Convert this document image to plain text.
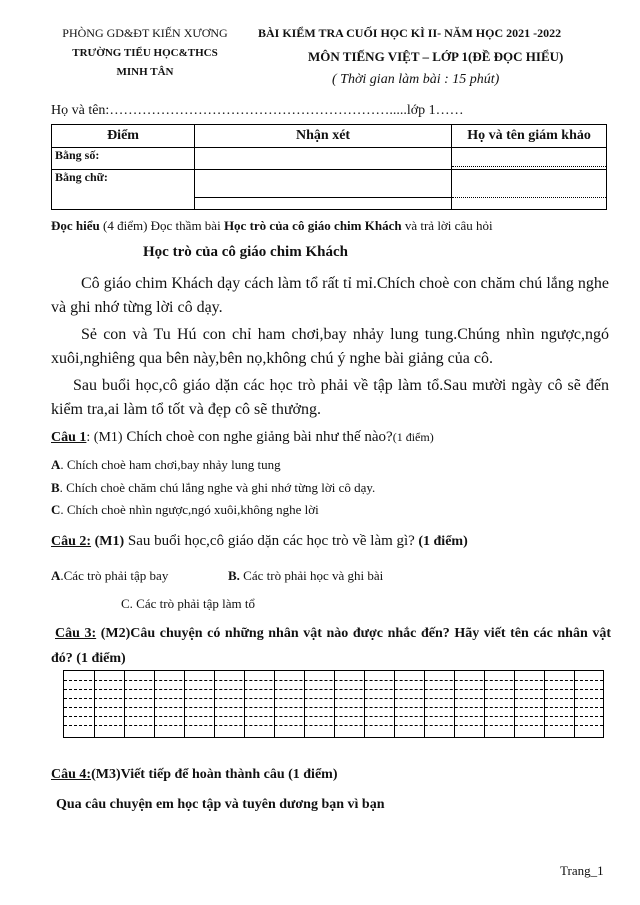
PHÒNG GD&ĐT KIẾN XƯƠNG
TRƯỜNG TIỂU HỌC&THCS
MINH TÂN
BÀI KIỂM TRA CUỐI HỌC KÌ II- NĂM HỌC 2021 -2022
MÔN TIẾNG VIỆT – LỚP 1(ĐỀ ĐỌC HIỂU)
( Thời gian làm bài : 15 phút)
Họ và tên:…………………………………………………….....lớp 1……
Điểm	Nhận xét	Họ và tên giám khảo
Bằng số:		

Bằng chữ:	

Đọc hiểu (4 điểm) Đọc thầm bài Học trò của cô giáo chim Khách và trả lời câu hỏi
Học trò của cô giáo chim Khách
Cô giáo chim Khách dạy cách làm tổ rất tỉ mỉ.Chích choè con chăm chú lắng nghe và ghi nhớ từng lời cô dạy.
Sẻ con và Tu Hú con chỉ ham chơi,bay nhảy lung tung.Chúng nhìn ngược,ngó xuôi,nghiêng qua bên này,bên nọ,không chú ý nghe bài giảng của cô.
Sau buổi học,cô giáo dặn các học trò phải về tập làm tổ.Sau mười ngày cô sẽ đến kiểm tra,ai làm tổ tốt và đẹp cô sẽ thưởng.
Câu 1: (M1) Chích choè con nghe giảng bài như thế nào?(1 điểm)
A. Chích choè ham chơi,bay nhảy lung tung
B. Chích choè chăm chú lắng nghe và ghi nhớ từng lời cô dạy.
C. Chích choè nhìn ngược,ngó xuôi,không nghe lời
Câu 2: (M1) Sau buổi học,cô giáo dặn các học trò về làm gì? (1 điểm)
A.Các trò phải tập bay	B. Các trò phải học và ghi bài
C. Các trò phải tập làm tổ
Câu 3: (M2)Câu chuyện có những nhân vật nào được nhắc đến? Hãy viết tên các nhân vật đó? (1 điểm)
Câu 4:(M3)Viết tiếp để hoàn thành câu (1 điểm)
Qua câu chuyện em học tập và tuyên dương bạn vì bạn
Trang_1
